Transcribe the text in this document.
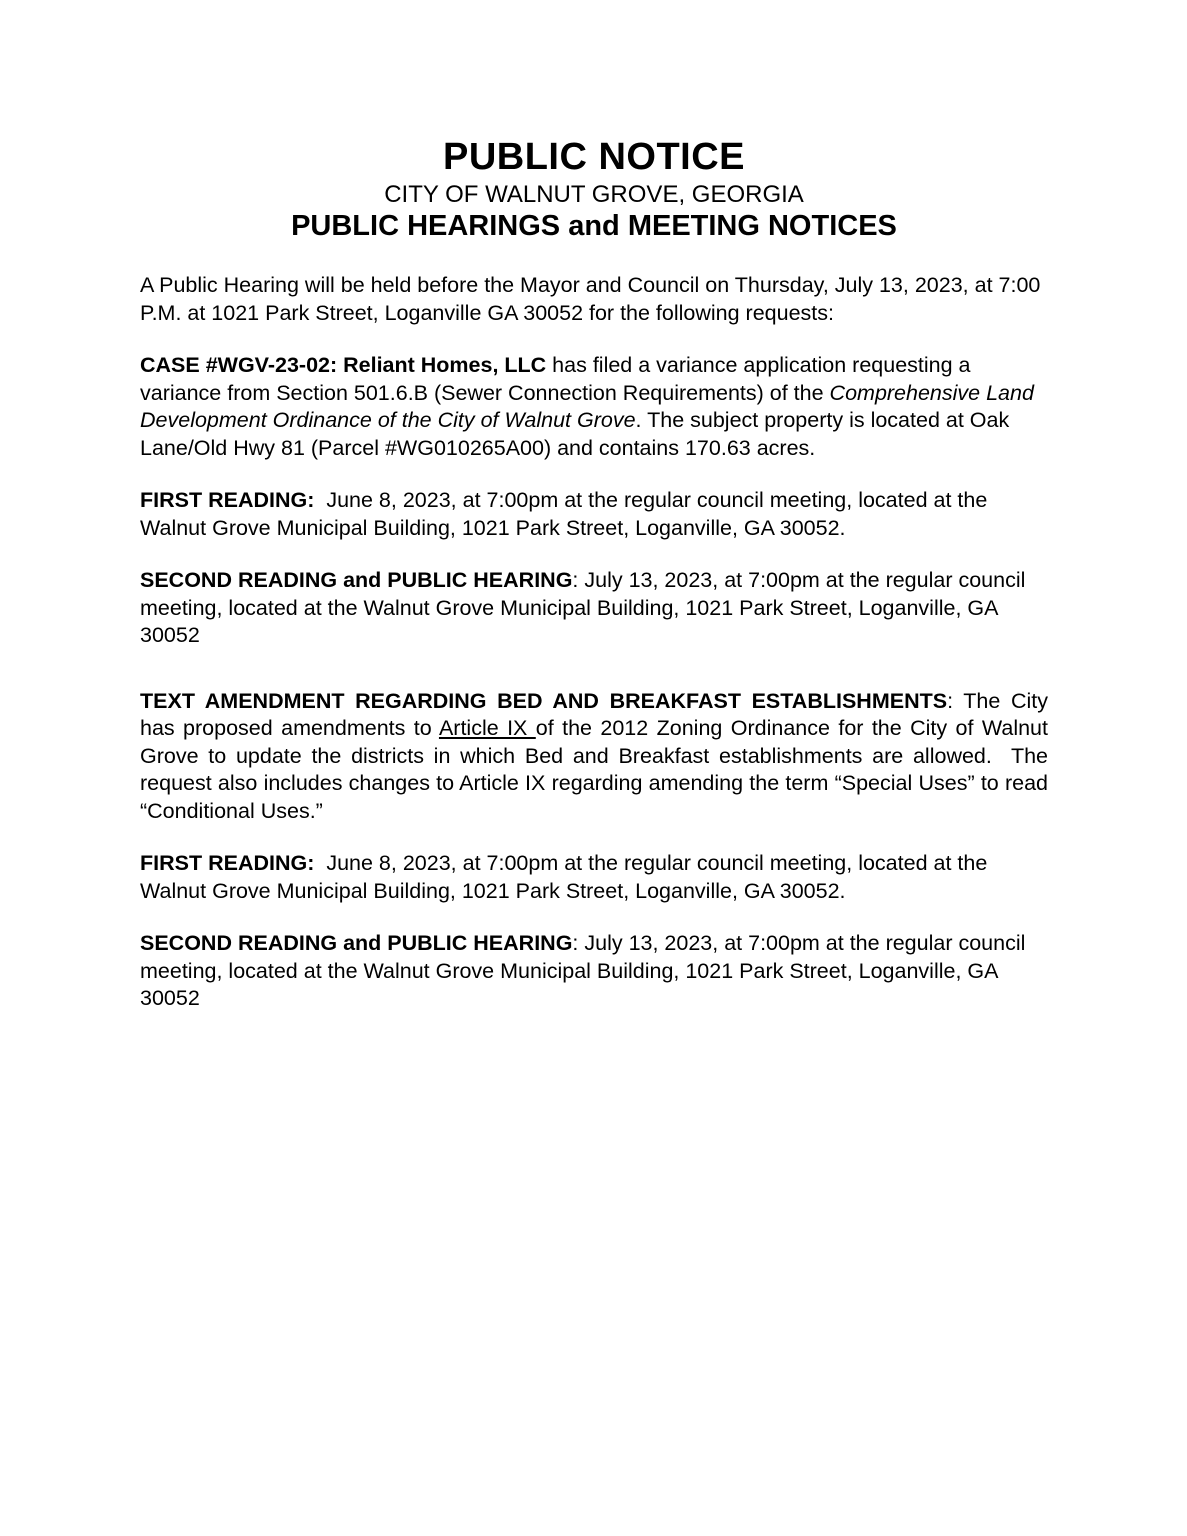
PUBLIC NOTICE
CITY OF WALNUT GROVE, GEORGIA
PUBLIC HEARINGS and MEETING NOTICES

A Public Hearing will be held before the Mayor and Council on Thursday, July 13, 2023, at 7:00 P.M. at 1021 Park Street, Loganville GA 30052 for the following requests:

CASE #WGV-23-02: Reliant Homes, LLC has filed a variance application requesting a variance from Section 501.6.B (Sewer Connection Requirements) of the Comprehensive Land Development Ordinance of the City of Walnut Grove. The subject property is located at Oak Lane/Old Hwy 81 (Parcel #WG010265A00) and contains 170.63 acres.

FIRST READING:  June 8, 2023, at 7:00pm at the regular council meeting, located at the Walnut Grove Municipal Building, 1021 Park Street, Loganville, GA 30052.

SECOND READING and PUBLIC HEARING: July 13, 2023, at 7:00pm at the regular council meeting, located at the Walnut Grove Municipal Building, 1021 Park Street, Loganville, GA 30052

TEXT AMENDMENT REGARDING BED AND BREAKFAST ESTABLISHMENTS: The City has proposed amendments to Article IX of the 2012 Zoning Ordinance for the City of Walnut Grove to update the districts in which Bed and Breakfast establishments are allowed.  The request also includes changes to Article IX regarding amending the term “Special Uses” to read “Conditional Uses.”

FIRST READING:  June 8, 2023, at 7:00pm at the regular council meeting, located at the Walnut Grove Municipal Building, 1021 Park Street, Loganville, GA 30052.

SECOND READING and PUBLIC HEARING: July 13, 2023, at 7:00pm at the regular council meeting, located at the Walnut Grove Municipal Building, 1021 Park Street, Loganville, GA 30052
